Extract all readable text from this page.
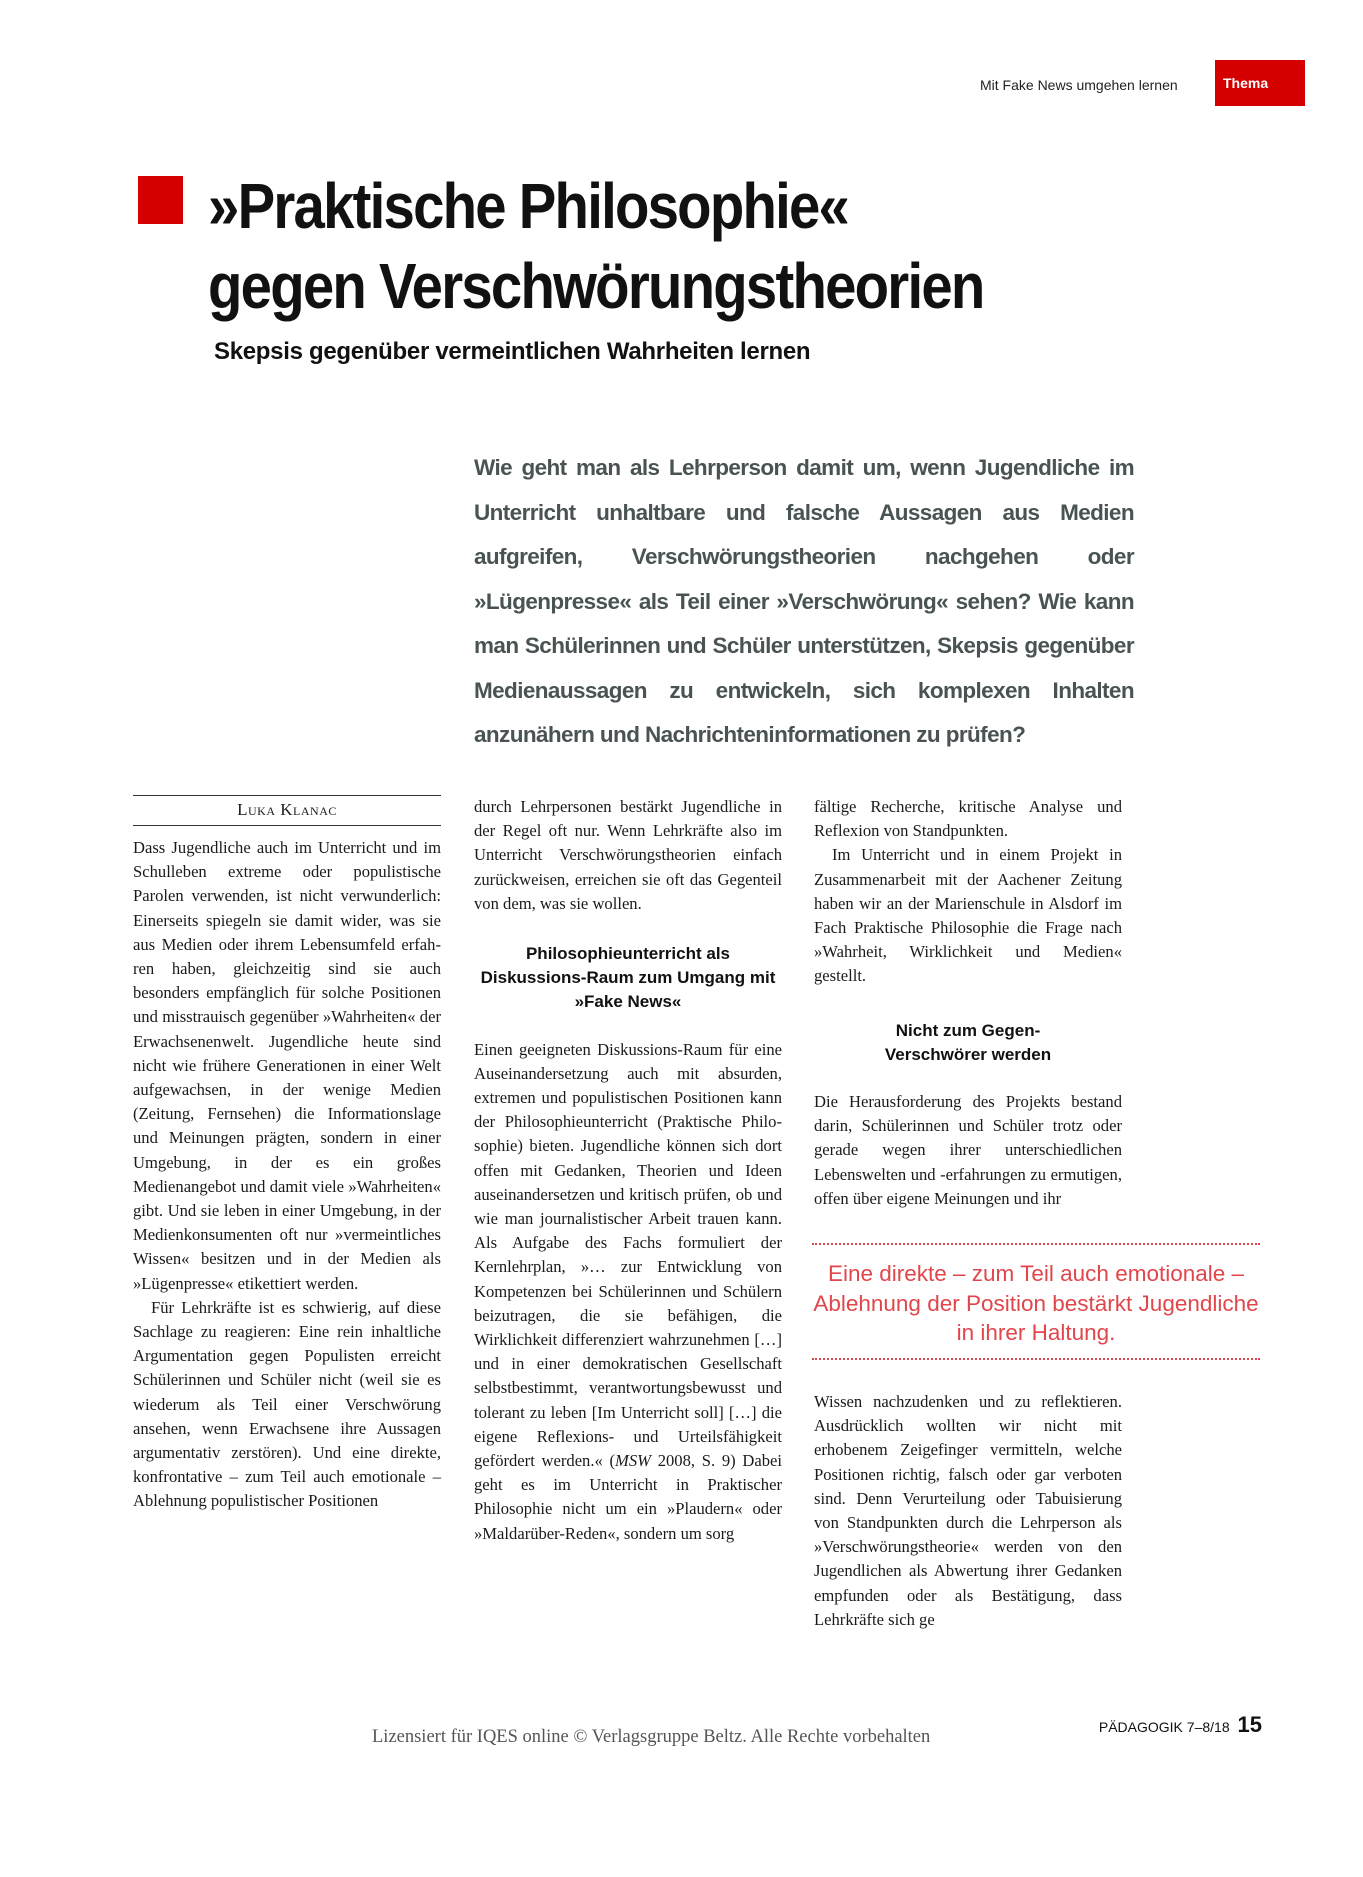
Mit Fake News umgehen lernen	Thema
»Praktische Philosophie«
gegen Verschwörungstheorien
Skepsis gegenüber vermeintlichen Wahrheiten lernen
Wie geht man als Lehrperson damit um, wenn Jugendliche im Unterricht unhaltbare und falsche Aussagen aus Medien aufgreifen, Verschwörungstheorien nachgehen oder »Lügenpresse« als Teil einer »Verschwörung« sehen? Wie kann man Schülerinnen und Schüler unterstützen, Skepsis gegenüber Medienaussagen zu entwickeln, sich komplexen Inhalten anzunähern und Nachrichteninformationen zu prüfen?
Luka Klanac

Dass Jugendliche auch im Unterricht und im Schulleben extreme oder populistische Parolen verwenden, ist nicht verwunderlich: Einerseits spiegeln sie damit wider, was sie aus Medien oder ihrem Lebensumfeld erfahren haben, gleichzeitig sind sie auch besonders empfänglich für solche Positionen und misstrauisch gegenüber »Wahrheiten« der Erwachsenenwelt. Jugendliche heute sind nicht wie frühere Generationen in einer Welt aufgewachsen, in der wenige Medien (Zeitung, Fernsehen) die Informationslage und Meinungen prägten, sondern in einer Umgebung, in der es ein großes Medienangebot und damit viele »Wahrheiten« gibt. Und sie leben in einer Umgebung, in der Medienkonsumenten oft nur »vermeintliches Wissen« besitzen und in der Medien als »Lügenpresse« etikettiert werden.

Für Lehrkräfte ist es schwierig, auf diese Sachlage zu reagieren: Eine rein inhaltliche Argumentation gegen Populisten erreicht Schülerinnen und Schüler nicht (weil sie es wiederum als Teil einer Verschwörung ansehen, wenn Erwachsene ihre Aussagen argumentativ zerstören). Und eine direkte, konfrontative – zum Teil auch emotionale – Ablehnung populistischer Positionen

durch Lehrpersonen bestärkt Jugendliche in der Regel oft nur. Wenn Lehrkräfte also im Unterricht Verschwörungstheorien einfach zurückweisen, erreichen sie oft das Gegenteil von dem, was sie wollen.

Philosophieunterricht als Diskussions-Raum zum Umgang mit »Fake News«

Einen geeigneten Diskussions-Raum für eine Auseinandersetzung auch mit absurden, extremen und populistischen Positionen kann der Philosophieunterricht (Praktische Philosophie) bieten. Jugendliche können sich dort offen mit Gedanken, Theorien und Ideen auseinandersetzen und kritisch prüfen, ob und wie man journalistischer Arbeit trauen kann. Als Aufgabe des Fachs formuliert der Kernlehrplan, »… zur Entwicklung von Kompetenzen bei Schülerinnen und Schülern beizutragen, die sie befähigen, die Wirklichkeit differenziert wahrzunehmen […] und in einer demokratischen Gesellschaft selbstbestimmt, verantwortungsbewusst und tolerant zu leben [Im Unterricht soll] […] die eigene Reflexions- und Urteilsfähigkeit gefördert werden.« (MSW 2008, S. 9) Dabei geht es im Unterricht in Praktischer Philosophie nicht um ein »Plaudern« oder »Maldarüber-Reden«, sondern um sorg

fältige Recherche, kritische Analyse und Reflexion von Standpunkten.

Im Unterricht und in einem Projekt in Zusammenarbeit mit der Aachener Zeitung haben wir an der Marienschule in Alsdorf im Fach Praktische Philosophie die Frage nach »Wahrheit, Wirklichkeit und Medien« gestellt.

Nicht zum Gegen-Verschwörer werden

Die Herausforderung des Projekts bestand darin, Schülerinnen und Schüler trotz oder gerade wegen ihrer unterschiedlichen Lebenswelten und -erfahrungen zu ermutigen, offen über eigene Meinungen und ihr

Eine direkte – zum Teil auch emotionale – Ablehnung der Position bestärkt Jugendliche in ihrer Haltung.

Wissen nachzudenken und zu reflektieren. Ausdrücklich wollten wir nicht mit erhobenem Zeigefinger vermitteln, welche Positionen richtig, falsch oder gar verboten sind. Denn Verurteilung oder Tabuisierung von Standpunkten durch die Lehrperson als »Verschwörungstheorie« werden von den Jugendlichen als Abwertung ihrer Gedanken empfunden oder als Bestätigung, dass Lehrkräfte sich ge

PÄDAGOGIK 7–8/18 15
Lizensiert für IQES online © Verlagsgruppe Beltz. Alle Rechte vorbehalten
